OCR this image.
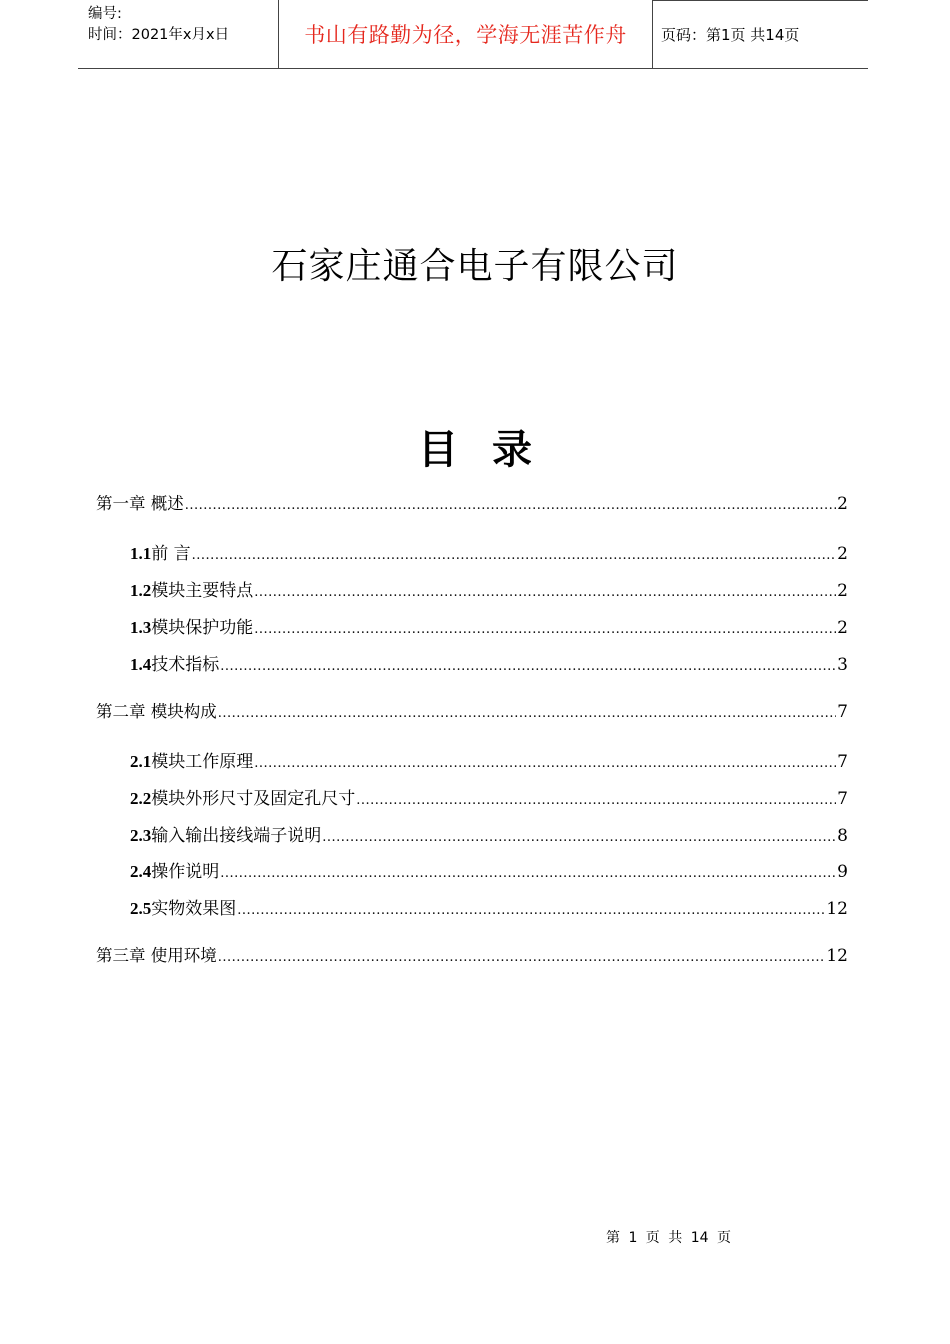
编号:
时间：2021年x月x日	书山有路勤为径，学海无涯苦作舟 页码：第1页 共14页
石家庄通合电子有限公司
目录
第一章 概述 .....	2
1.1前 言 .....	2
1.2模块主要特点 .....	2
1.3模块保护功能 .....	2
1.4技术指标 .....	3
第二章 模块构成 .....	7
2.1模块工作原理 .....	7
2.2模块外形尺寸及固定孔尺寸 .....	7
2.3输入输出接线端子说明 .....	8
2.4操作说明 .....	9
2.5实物效果图 .....	12
第三章 使用环境 .....	12
第 1 页 共 14 页
